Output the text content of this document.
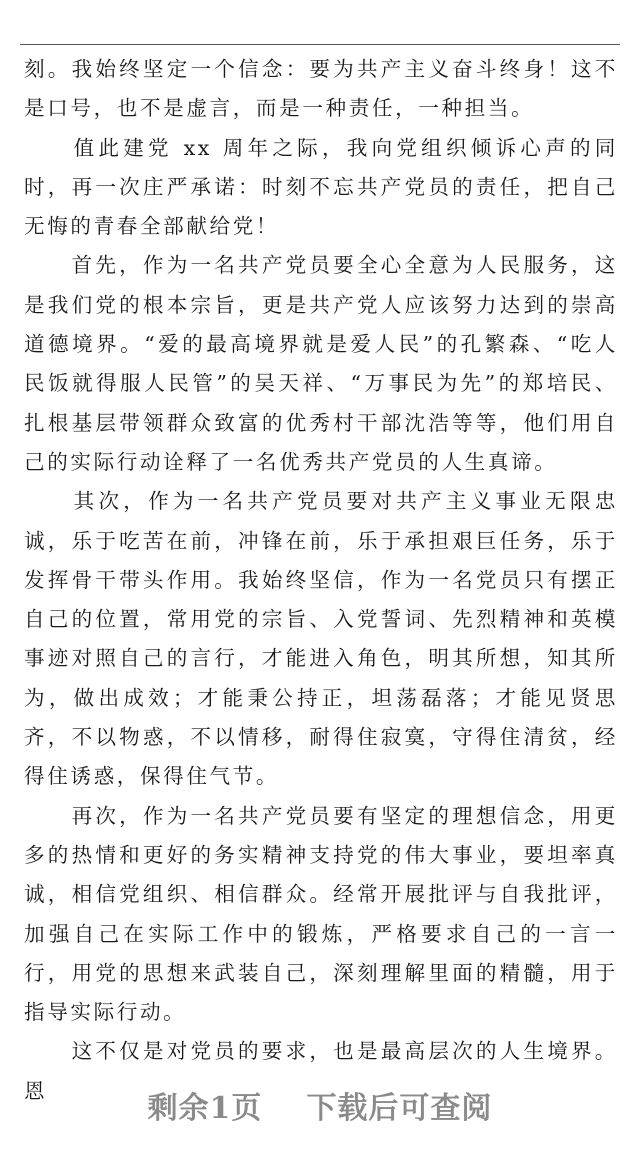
刻。我始终坚定一个信念：要为共产主义奋斗终身！这不是口号，也不是虚言，而是一种责任，一种担当。

　　值此建党 xx 周年之际，我向党组织倾诉心声的同时，再一次庄严承诺：时刻不忘共产党员的责任，把自己无悔的青春全部献给党！

　　首先，作为一名共产党员要全心全意为人民服务，这是我们党的根本宗旨，更是共产党人应该努力达到的崇高道德境界。“爱的最高境界就是爱人民”的孔繁森、“吃人民饭就得服人民管”的吴天祥、“万事民为先”的郑培民、扎根基层带领群众致富的优秀村干部沈浩等等，他们用自己的实际行动诠释了一名优秀共产党员的人生真谛。

　　其次，作为一名共产党员要对共产主义事业无限忠诚，乐于吃苦在前，冲锋在前，乐于承担艰巨任务，乐于发挥骨干带头作用。我始终坚信，作为一名党员只有摆正自己的位置，常用党的宗旨、入党誓词、先烈精神和英模事迹对照自己的言行，才能进入角色，明其所想，知其所为，做出成效；才能秉公持正，坦荡磊落；才能见贤思齐，不以物惑，不以情移，耐得住寂寞，守得住清贫，经得住诱惑，保得住气节。

　　再次，作为一名共产党员要有坚定的理想信念，用更多的热情和更好的务实精神支持党的伟大事业，要坦率真诚，相信党组织、相信群众。经常开展批评与自我批评，加强自己在实际工作中的锻炼，严格要求自己的一言一行，用党的思想来武装自己，深刻理解里面的精髓，用于指导实际行动。

　　这不仅是对党员的要求，也是最高层次的人生境界。恩

剩余1页 下载后可查阅
